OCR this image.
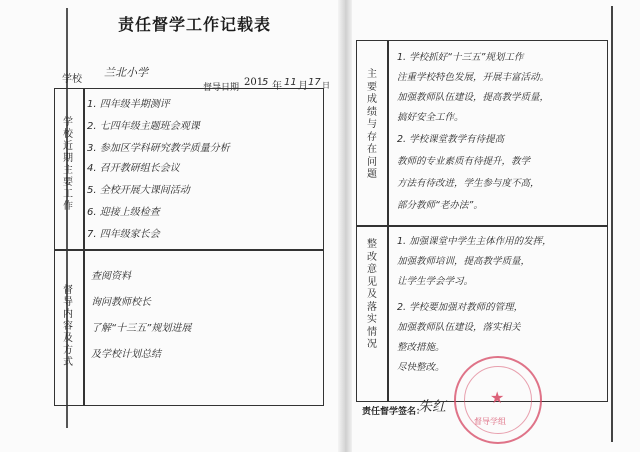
责任督学工作记载表
学校
兰北小学
督导日期 201
5 年 11 月 17 日
学校近期主要工作
1. 四年级半期测评
2. 七四年级主题班会观课
3. 参加区学科研究教学质量分析
4. 召开教研组长会议
5. 全校开展大课间活动
6. 迎接上级检查
7. 四年级家长会
督导内容及方式
查阅资料
询问教师校长
了解“十三五”规划进展
及学校计划总结
主要成绩与存在问题
1. 学校抓好“十三五”规划工作
注重学校特色发展，开展丰富活动。
加强教师队伍建设，提高教学质量，
搞好安全工作。
2. 学校课堂教学有待提高
教师的专业素质有待提升，教学
方法有待改进，学生参与度不高，
部分教师“老办法”。
整改意见及落实情况
1. 加强课堂中学生主体作用的发挥，
加强教师培训，提高教学质量，
让学生学会学习。
2. 学校要加强对教师的管理，
加强教师队伍建设，落实相关
整改措施。
尽快整改。
责任督学签名：
朱红	★
督导学组
